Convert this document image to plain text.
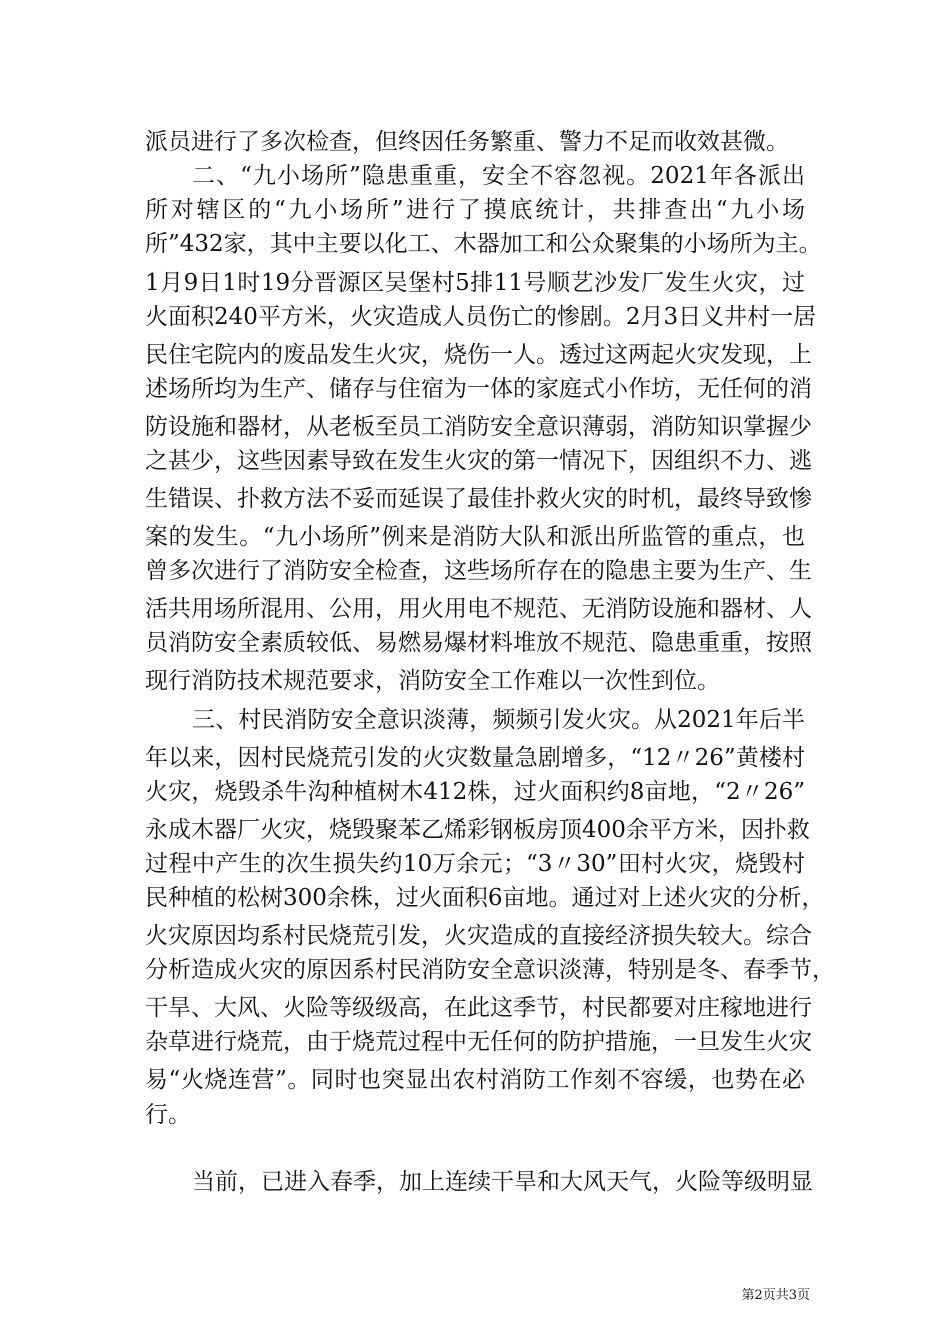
派员进行了多次检查，但终因任务繁重、警力不足而收效甚微。
二、“九小场所”隐患重重，安全不容忽视。2021年各派出
所对辖区的“九小场所”进行了摸底统计，共排查出“九小场
所”432家，其中主要以化工、木器加工和公众聚集的小场所为主。
1月9日1时19分晋源区吴堡村5排11号顺艺沙发厂发生火灾，过
火面积240平方米，火灾造成人员伤亡的惨剧。2月3日义井村一居
民住宅院内的废品发生火灾，烧伤一人。透过这两起火灾发现，上
述场所均为生产、储存与住宿为一体的家庭式小作坊，无任何的消
防设施和器材，从老板至员工消防安全意识薄弱，消防知识掌握少
之甚少，这些因素导致在发生火灾的第一情况下，因组织不力、逃
生错误、扑救方法不妥而延误了最佳扑救火灾的时机，最终导致惨
案的发生。“九小场所”例来是消防大队和派出所监管的重点，也
曾多次进行了消防安全检查，这些场所存在的隐患主要为生产、生
活共用场所混用、公用，用火用电不规范、无消防设施和器材、人
员消防安全素质较低、易燃易爆材料堆放不规范、隐患重重，按照
现行消防技术规范要求，消防安全工作难以一次性到位。
三、村民消防安全意识淡薄，频频引发火灾。从2021年后半
年以来，因村民烧荒引发的火灾数量急剧增多，“12〃26”黄楼村
火灾，烧毁杀牛沟种植树木412株，过火面积约8亩地，“2〃26”
永成木器厂火灾，烧毁聚苯乙烯彩钢板房顶400余平方米，因扑救
过程中产生的次生损失约10万余元；“3〃30”田村火灾，烧毁村
民种植的松树300余株，过火面积6亩地。通过对上述火灾的分析，
火灾原因均系村民烧荒引发，火灾造成的直接经济损失较大。综合
分析造成火灾的原因系村民消防安全意识淡薄，特别是冬、春季节，
干旱、大风、火险等级级高，在此这季节，村民都要对庄稼地进行
杂草进行烧荒，由于烧荒过程中无任何的防护措施，一旦发生火灾
易“火烧连营”。同时也突显出农村消防工作刻不容缓，也势在必
行。
当前，已进入春季，加上连续干旱和大风天气，火险等级明显
第2页共3页
